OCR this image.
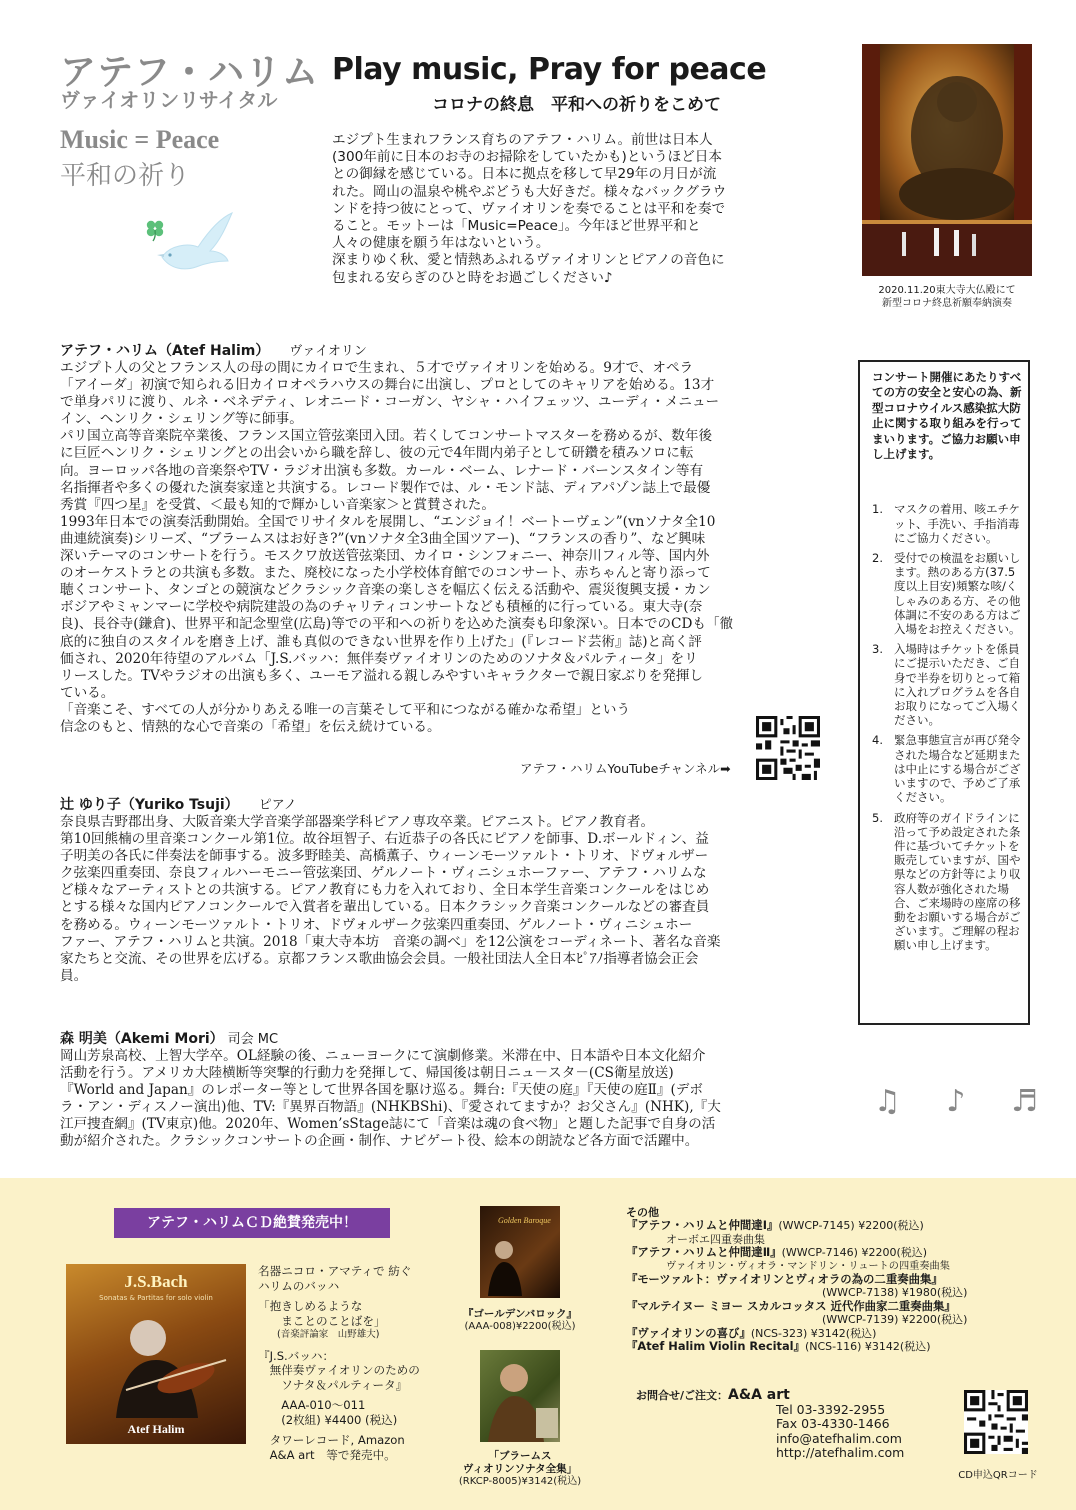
アテフ・ハリム
ヴァイオリンリサイタル
Music = Peace
平和の祈り
Play music, Pray for peace
コロナの終息　平和への祈りをこめて
エジプト生まれフランス育ちのアテフ・ハリム。前世は日本人
(300年前に日本のお寺のお掃除をしていたかも)というほど日本
との御縁を感じている。日本に拠点を移して早29年の月日が流
れた。岡山の温泉や桃やぶどうも大好きだ。様々なバックグラウ
ンドを持つ彼にとって、ヴァイオリンを奏でることは平和を奏で
ること。モットーは「Music=Peace」。今年ほど世界平和と
人々の健康を願う年はないという。
深まりゆく秋、愛と情熱あふれるヴァイオリンとピアノの音色に
包まれる安らぎのひと時をお過ごしください♪
2020.11.20東大寺大仏殿にて
新型コロナ終息祈願奉納演奏
アテフ・ハリム（Atef Halim） ヴァイオリン
エジプト人の父とフランス人の母の間にカイロで生まれ、５才でヴァイオリンを始める。9才で、オペラ
「アイーダ」初演で知られる旧カイロオペラハウスの舞台に出演し、プロとしてのキャリアを始める。13才
で単身パリに渡り、ルネ・ベネデティ、レオニード・コーガン、ヤシャ・ハイフェッツ、ユーディ・メニュー
イン、ヘンリク・シェリング等に師事。
パリ国立高等音楽院卒業後、フランス国立管弦楽団入団。若くしてコンサートマスターを務めるが、数年後
に巨匠ヘンリク・シェリングとの出会いから職を辞し、彼の元で4年間内弟子として研鑽を積みソロに転
向。ヨーロッパ各地の音楽祭やTV・ラジオ出演も多数。カール・ベーム、レナード・バーンスタイン等有
名指揮者や多くの優れた演奏家達と共演する。レコード製作では、ル・モンド誌、ディアパゾン誌上で最優
秀賞『四つ星』を受賞、＜最も知的で輝かしい音楽家＞と賞賛された。
1993年日本での演奏活動開始。全国でリサイタルを展開し、“エンジョイ！ベートーヴェン”(vnソナタ全10
曲連続演奏)シリーズ、“ブラームスはお好き?”(vnソナタ全3曲全国ツアー)、“フランスの香り”、など興味
深いテーマのコンサートを行う。モスクワ放送管弦楽団、カイロ・シンフォニー、神奈川フィル等、国内外
のオーケストラとの共演も多数。また、廃校になった小学校体育館でのコンサート、赤ちゃんと寄り添って
聴くコンサート、タンゴとの競演などクラシック音楽の楽しさを幅広く伝える活動や、震災復興支援・カン
ボジアやミャンマーに学校や病院建設の為のチャリティコンサートなども積極的に行っている。東大寺(奈
良)、長谷寺(鎌倉)、世界平和記念聖堂(広島)等での平和への祈りを込めた演奏も印象深い。日本でのCDも「徹
底的に独自のスタイルを磨き上げ、誰も真似のできない世界を作り上げた」(『レコード芸術』誌)と高く評
価され、2020年待望のアルバム「J.S.バッハ：無伴奏ヴァイオリンのためのソナタ＆パルティータ」をリ
リースした。TVやラジオの出演も多く、ユーモア溢れる親しみやすいキャラクターで親日家ぶりを発揮し
ている。
「音楽こそ、すべての人が分かりあえる唯一の言葉そして平和につながる確かな希望」という
信念のもと、情熱的な心で音楽の「希望」を伝え続けている。
アテフ・ハリムYouTubeチャンネル➡
辻 ゆり子（Yuriko Tsuji） ピアノ
奈良県吉野郡出身、大阪音楽大学音楽学部器楽学科ピアノ専攻卒業。ピアニスト。ピアノ教育者。
第10回熊楠の里音楽コンクール第1位。故谷垣智子、右近恭子の各氏にピアノを師事、D.ボールドィン、益
子明美の各氏に伴奏法を師事する。波多野睦美、高橋薫子、ウィーンモーツァルト・トリオ、ドヴォルザー
ク弦楽四重奏団、奈良フィルハーモニー管弦楽団、ゲルノート・ヴィニシュホーファー、アテフ・ハリムな
ど様々なアーティストとの共演する。ピアノ教育にも力を入れており、全日本学生音楽コンクールをはじめ
とする様々な国内ピアノコンクールで入賞者を輩出している。日本クラシック音楽コンクールなどの審査員
を務める。ウィーンモーツァルト・トリオ、ドヴォルザーク弦楽四重奏団、ゲルノート・ヴィニシュホー
ファー、アテフ・ハリムと共演。2018「東大寺本坊　音楽の調べ」を12公演をコーディネート、著名な音楽
家たちと交流、その世界を広げる。京都フランス歌曲協会会員。一般社団法人全日本ﾋﾟｱﾉ指導者協会正会
員。
森 明美（Akemi Mori） 司会 MC
岡山芳泉高校、上智大学卒。OL経験の後、ニューヨークにて演劇修業。米滞在中、日本語や日本文化紹介
活動を行う。アメリカ大陸横断等突撃的行動力を発揮して、帰国後は朝日ニュ－スタ－(CS衛星放送)
『World and Japan』のレポーター等として世界各国を駆け巡る。舞台:『天使の庭』『天使の庭Ⅱ』(デボ
ラ・アン・ディスノー演出)他、TV:『異界百物語』(NHKBShi)、『愛されてますか？お父さん』(NHK),『大
江戸捜査網』(TV東京)他。2020年、Women’sStage誌にて「音楽は魂の食べ物」と題した記事で自身の活
動が紹介された。クラシックコンサートの企画・制作、ナビゲート役、絵本の朗読など各方面で活躍中。
コンサート開催にあたりすべての方の安全と安心の為、新型コロナウイルス感染拡大防止に関する取り組みを行ってまいります。ご協力お願い申し上げます。
1. マスクの着用、咳エチケット、手洗い、手指消毒にご協力ください。
2. 受付での検温をお願いします。熱のある方(37.5度以上目安)頻繁な咳/くしゃみのある方、その他体調に不安のある方はご入場をお控えください。
3. 入場時はチケットを係員にご提示いただき、ご自身で半券を切りとって箱に入れプログラムを各自お取りになってご入場ください。
4. 緊急事態宣言が再び発令された場合など延期または中止にする場合がございますので、予めご了承ください。
5. 政府等のガイドラインに沿って予め設定された条件に基づいてチケットを販売していますが、国や県などの方針等により収容人数が強化された場合、ご来場時の座席の移動をお願いする場合がございます。ご理解の程お願い申し上げます。
♫ ♪ ♬
アテフ・ハリムＣＤ絶賛発売中！
J.S.Bach
Sonatas & Partitas for solo violin
Atef Halim
名器ニコロ・アマティで 紡ぐ
ハリムのバッハ
「抱きしめるような
　　まことのことばを」
　　(音楽評論家　山野雄大)
『J.S.バッハ：
　無伴奏ヴァイオリンのための
　　ソナタ＆パルティータ』
　　AAA-010～011
　　(2枚組) ¥4400 (税込)
　タワーレコード, Amazon
　A&A art　等で発売中。
Golden Baroque
『ゴールデンバロック』
(AAA-008)¥2200(税込)
「ブラームス
ヴィオリンソナタ全集」
(RKCP-8005)¥3142(税込)
その他
『アテフ・ハリムと仲間達Ⅰ』(WWCP-7145) ¥2200(税込)
オーボエ四重奏曲集
『アテフ・ハリムと仲間達Ⅱ』(WWCP-7146) ¥2200(税込)
ヴァイオリン・ヴィオラ・マンドリン・リュートの四重奏曲集
『モーツァルト：ヴァイオリンとヴィオラの為の二重奏曲集』
(WWCP-7138) ¥1980(税込)
『マルテイヌー ミヨー スカルコッタス 近代作曲家二重奏曲集』
(WWCP-7139) ¥2200(税込)
『ヴァイオリンの喜び』(NCS-323) ¥3142(税込)
『Atef Halim Violin Recital』(NCS-116) ¥3142(税込)
お問合せ/ご注文：A&A art
Tel 03-3392-2955
Fax 03-4330-1466
info@atefhalim.com
http://atefhalim.com
CD申込QRコード
